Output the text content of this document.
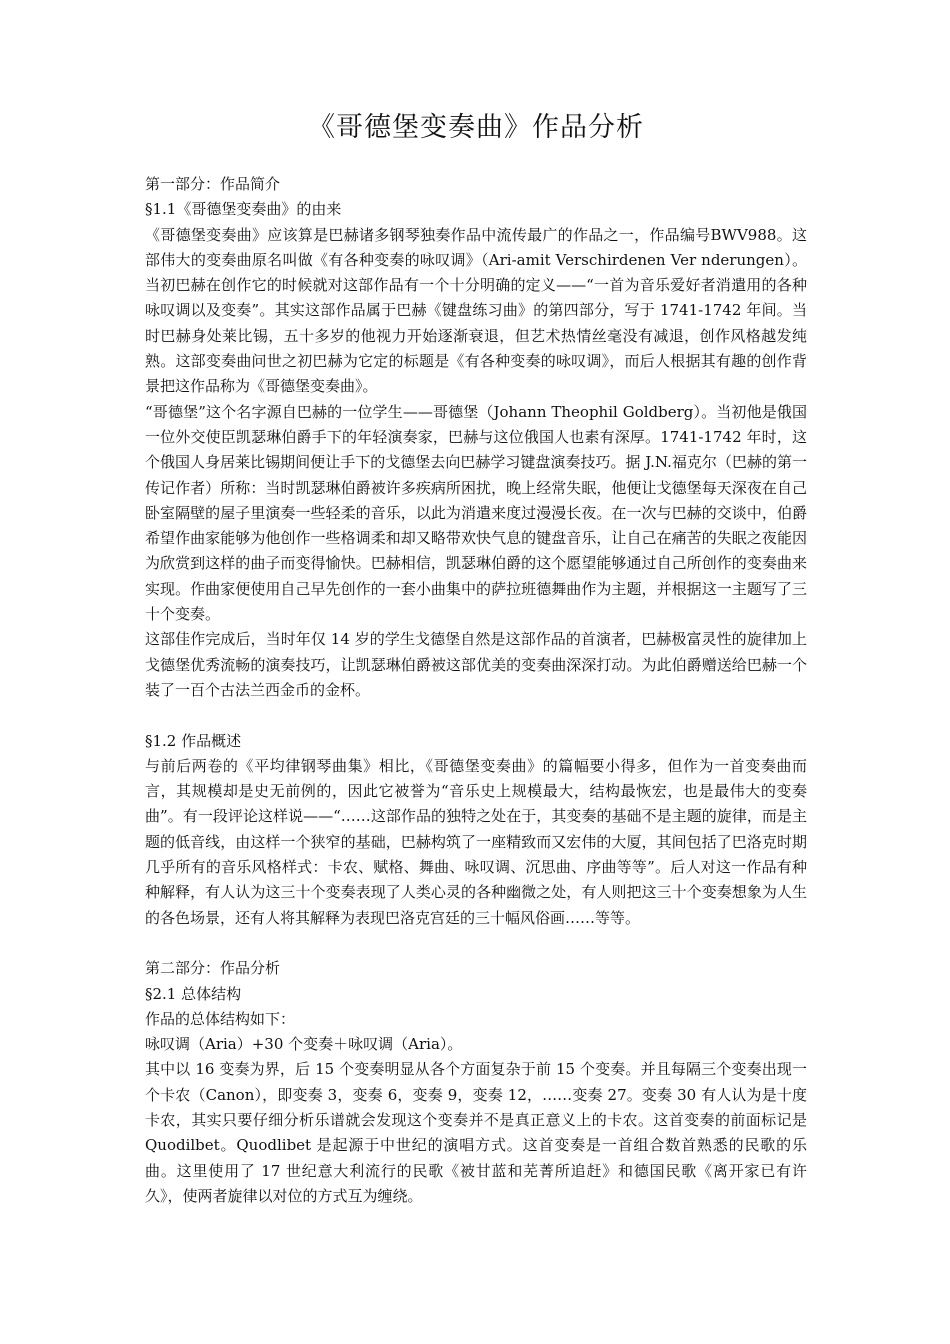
《哥德堡变奏曲》作品分析

第一部分：作品简介

§1.1《哥德堡变奏曲》的由来

《哥德堡变奏曲》应该算是巴赫诸多钢琴独奏作品中流传最广的作品之一，作品编号BWV988。这部伟大的变奏曲原名叫做《有各种变奏的咏叹调》（Ari-amit Verschirdenen Ver nderungen）。当初巴赫在创作它的时候就对这部作品有一个十分明确的定义——“一首为音乐爱好者消遣用的各种咏叹调以及变奏”。其实这部作品属于巴赫《键盘练习曲》的第四部分，写于 1741-1742 年间。当时巴赫身处莱比锡，五十多岁的他视力开始逐渐衰退，但艺术热情丝毫没有减退，创作风格越发纯熟。这部变奏曲问世之初巴赫为它定的标题是《有各种变奏的咏叹调》，而后人根据其有趣的创作背景把这作品称为《哥德堡变奏曲》。

“哥德堡”这个名字源自巴赫的一位学生——哥德堡（Johann Theophil Goldberg）。当初他是俄国一位外交使臣凯瑟琳伯爵手下的年轻演奏家，巴赫与这位俄国人也素有深厚。1741-1742 年时，这个俄国人身居莱比锡期间便让手下的戈德堡去向巴赫学习键盘演奏技巧。据 J.N.福克尔（巴赫的第一传记作者）所称：当时凯瑟琳伯爵被许多疾病所困扰，晚上经常失眠，他便让戈德堡每天深夜在自己卧室隔壁的屋子里演奏一些轻柔的音乐，以此为消遣来度过漫漫长夜。在一次与巴赫的交谈中，伯爵希望作曲家能够为他创作一些格调柔和却又略带欢快气息的键盘音乐，让自己在痛苦的失眠之夜能因为欣赏到这样的曲子而变得愉快。巴赫相信，凯瑟琳伯爵的这个愿望能够通过自己所创作的变奏曲来实现。作曲家便使用自己早先创作的一套小曲集中的萨拉班德舞曲作为主题，并根据这一主题写了三十个变奏。

这部佳作完成后，当时年仅 14 岁的学生戈德堡自然是这部作品的首演者，巴赫极富灵性的旋律加上戈德堡优秀流畅的演奏技巧，让凯瑟琳伯爵被这部优美的变奏曲深深打动。为此伯爵赠送给巴赫一个装了一百个古法兰西金币的金杯。

§1.2 作品概述

与前后两卷的《平均律钢琴曲集》相比，《哥德堡变奏曲》的篇幅要小得多，但作为一首变奏曲而言，其规模却是史无前例的，因此它被誉为“音乐史上规模最大，结构最恢宏，也是最伟大的变奏曲”。有一段评论这样说——“……这部作品的独特之处在于，其变奏的基础不是主题的旋律，而是主题的低音线，由这样一个狭窄的基础，巴赫构筑了一座精致而又宏伟的大厦，其间包括了巴洛克时期几乎所有的音乐风格样式：卡农、赋格、舞曲、咏叹调、沉思曲、序曲等等”。后人对这一作品有种种解释，有人认为这三十个变奏表现了人类心灵的各种幽微之处，有人则把这三十个变奏想象为人生的各色场景，还有人将其解释为表现巴洛克宫廷的三十幅风俗画……等等。

第二部分：作品分析

§2.1 总体结构

作品的总体结构如下：

咏叹调（Aria）+30 个变奏＋咏叹调（Aria）。

其中以 16 变奏为界，后 15 个变奏明显从各个方面复杂于前 15 个变奏。并且每隔三个变奏出现一个卡农（Canon），即变奏 3，变奏 6，变奏 9，变奏 12，……变奏 27。变奏 30 有人认为是十度卡农，其实只要仔细分析乐谱就会发现这个变奏并不是真正意义上的卡农。这首变奏的前面标记是 Quodilbet。Quodlibet 是起源于中世纪的演唱方式。这首变奏是一首组合数首熟悉的民歌的乐曲。这里使用了 17 世纪意大利流行的民歌《被甘蓝和芜菁所追赶》和德国民歌《离开家已有许久》，使两者旋律以对位的方式互为缠绕。
